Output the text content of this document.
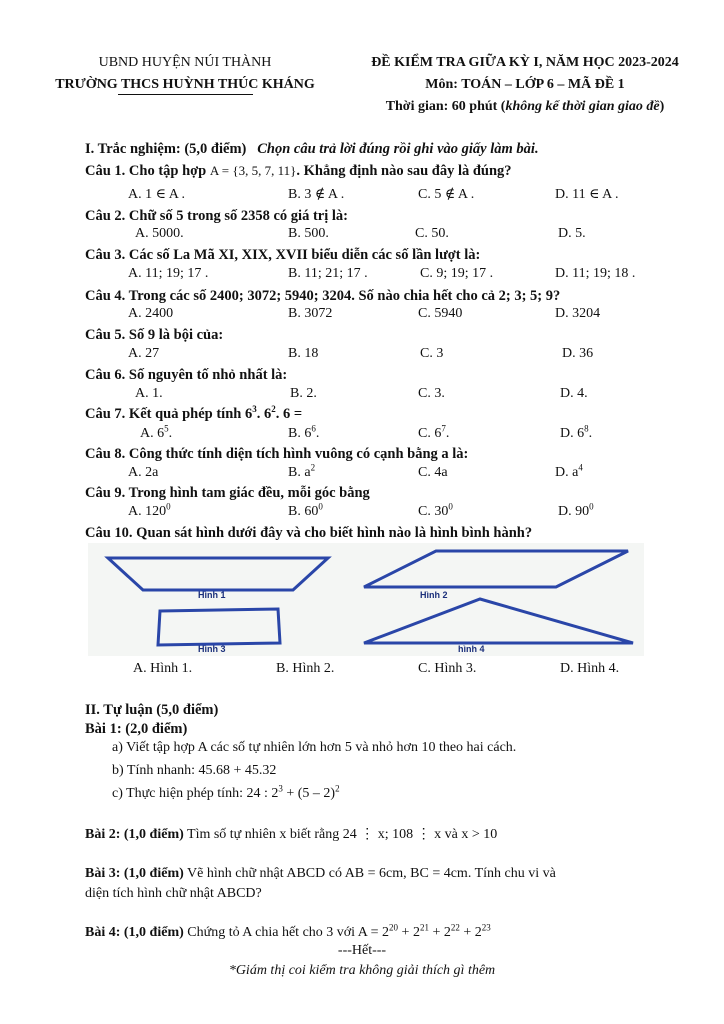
UBND HUYỆN NÚI THÀNH
TRƯỜNG THCS HUỲNH THÚC KHÁNG
ĐỀ KIỂM TRA GIỮA KỲ I, NĂM HỌC 2023-2024
Môn: TOÁN – LỚP 6 – MÃ ĐỀ 1
Thời gian: 60 phút (không kể thời gian giao đề)
I. Trắc nghiệm: (5,0 điểm) Chọn câu trả lời đúng rồi ghi vào giấy làm bài.
Câu 1. Cho tập hợp A = {3, 5, 7, 11}. Khẳng định nào sau đây là đúng?
A. 1 ∈ A .	B. 3 ∉ A .	C. 5 ∉ A .	D. 11 ∈ A .
Câu 2. Chữ số 5 trong số 2358 có giá trị là:
A. 5000.	B. 500.	C. 50.	D. 5.
Câu 3. Các số La Mã XI, XIX, XVII biểu diễn các số lần lượt là:
A. 11; 19; 17 .	B. 11; 21; 17 .	C. 9; 19; 17 .	D. 11; 19; 18 .
Câu 4. Trong các số 2400; 3072; 5940; 3204. Số nào chia hết cho cả 2; 3; 5; 9?
A. 2400	B. 3072	C. 5940	D. 3204
Câu 5. Số 9 là bội của:
A. 27	B. 18	C. 3	D. 36
Câu 6. Số nguyên tố nhỏ nhất là:
A. 1.	B. 2.	C. 3.	D. 4.
Câu 7. Kết quả phép tính $6^3$. $6^2$. 6 =
A. $6^5$.	B. $6^6$.	C. $6^7$.	D. $6^8$.
Câu 8. Công thức tính diện tích hình vuông có cạnh bằng a là:
A. 2a	B. $a^2$	C. 4a	D. $a^4$
Câu 9. Trong hình tam giác đều, mỗi góc bằng
A. $120^0$	B. $60^0$	C. $30^0$	D. $90^0$
Câu 10. Quan sát hình dưới đây và cho biết hình nào là hình bình hành?
Hình 1	Hình 2
Hình 3	hình 4
A. Hình 1.	B. Hình 2.	C. Hình 3.	D. Hình 4.
II. Tự luận (5,0 điểm)
Bài 1: (2,0 điểm)
a) Viết tập hợp A các số tự nhiên lớn hơn 5 và nhỏ hơn 10 theo hai cách.
b) Tính nhanh: 45.68 + 45.32
c) Thực hiện phép tính: 24 : $2^3 + (5 - 2)^2$
Bài 2: (1,0 điểm) Tìm số tự nhiên x biết rằng 24 ⋮ x; 108 ⋮ x và x > 10
Bài 3: (1,0 điểm) Vẽ hình chữ nhật ABCD có AB = 6cm, BC = 4cm. Tính chu vi và
diện tích hình chữ nhật ABCD?
Bài 4: (1,0 điểm) Chứng tỏ A chia hết cho 3 với $A = 2^{20} + 2^{21} + 2^{22} + 2^{23}$
---Hết---
*Giám thị coi kiểm tra không giải thích gì thêm
